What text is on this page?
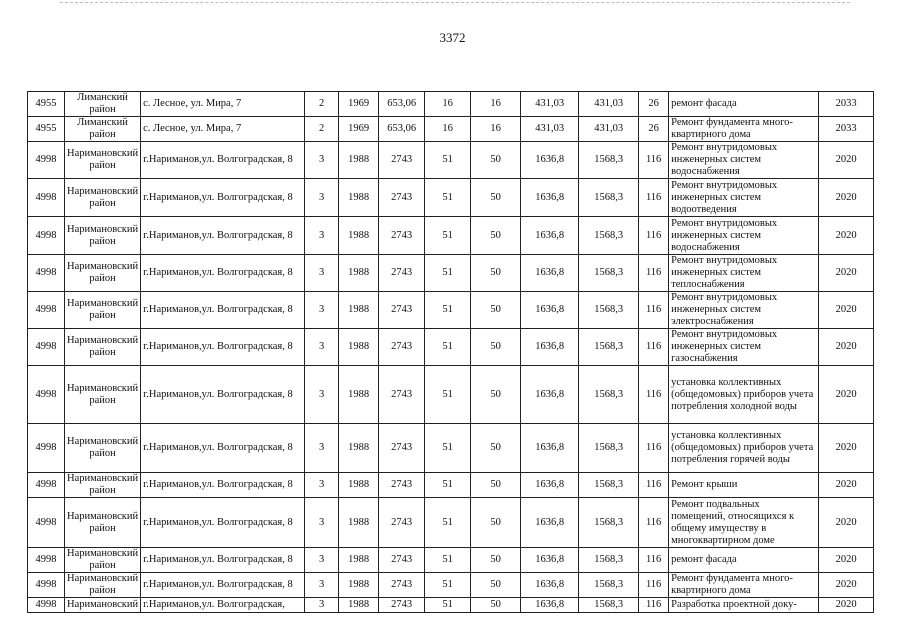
3372
4955	Лиманский район	с. Лесное, ул. Мира, 7	2	1969	653,06	16	16	431,03	431,03	26	ремонт фасада	2033
4955	Лиманский район	с. Лесное, ул. Мира, 7	2	1969	653,06	16	16	431,03	431,03	26	Ремонт фундамента много-квартирного дома	2033
4998	Наримановский район	г.Нариманов,ул. Волгоградская, 8	3	1988	2743	51	50	1636,8	1568,3	116	Ремонт внутридомовых инженерных систем водоснабжения	2020
4998	Наримановский район	г.Нариманов,ул. Волгоградская, 8	3	1988	2743	51	50	1636,8	1568,3	116	Ремонт внутридомовых инженерных систем водоотведения	2020
4998	Наримановский район	г.Нариманов,ул. Волгоградская, 8	3	1988	2743	51	50	1636,8	1568,3	116	Ремонт внутридомовых инженерных систем водоснабжения	2020
4998	Наримановский район	г.Нариманов,ул. Волгоградская, 8	3	1988	2743	51	50	1636,8	1568,3	116	Ремонт внутридомовых инженерных систем теплоснабжения	2020
4998	Наримановский район	г.Нариманов,ул. Волгоградская, 8	3	1988	2743	51	50	1636,8	1568,3	116	Ремонт внутридомовых инженерных систем электроснабжения	2020
4998	Наримановский район	г.Нариманов,ул. Волгоградская, 8	3	1988	2743	51	50	1636,8	1568,3	116	Ремонт внутридомовых инженерных систем газоснабжения	2020
4998	Наримановский район	г.Нариманов,ул. Волгоградская, 8	3	1988	2743	51	50	1636,8	1568,3	116	установка коллективных (общедомовых) приборов учета потребления холодной воды	2020
4998	Наримановский район	г.Нариманов,ул. Волгоградская, 8	3	1988	2743	51	50	1636,8	1568,3	116	установка коллективных (общедомовых) приборов учета потребления горячей воды	2020
4998	Наримановский район	г.Нариманов,ул. Волгоградская, 8	3	1988	2743	51	50	1636,8	1568,3	116	Ремонт крыши	2020
4998	Наримановский район	г.Нариманов,ул. Волгоградская, 8	3	1988	2743	51	50	1636,8	1568,3	116	Ремонт подвальных помещений, относящихся к общему имуществу в многоквартирном доме	2020
4998	Наримановский район	г.Нариманов,ул. Волгоградская, 8	3	1988	2743	51	50	1636,8	1568,3	116	ремонт фасада	2020
4998	Наримановский район	г.Нариманов,ул. Волгоградская, 8	3	1988	2743	51	50	1636,8	1568,3	116	Ремонт фундамента много-квартирного дома	2020
4998	Наримановский	г.Нариманов,ул. Волгоградская,	3	1988	2743	51	50	1636,8	1568,3	116	Разработка проектной доку-	2020
